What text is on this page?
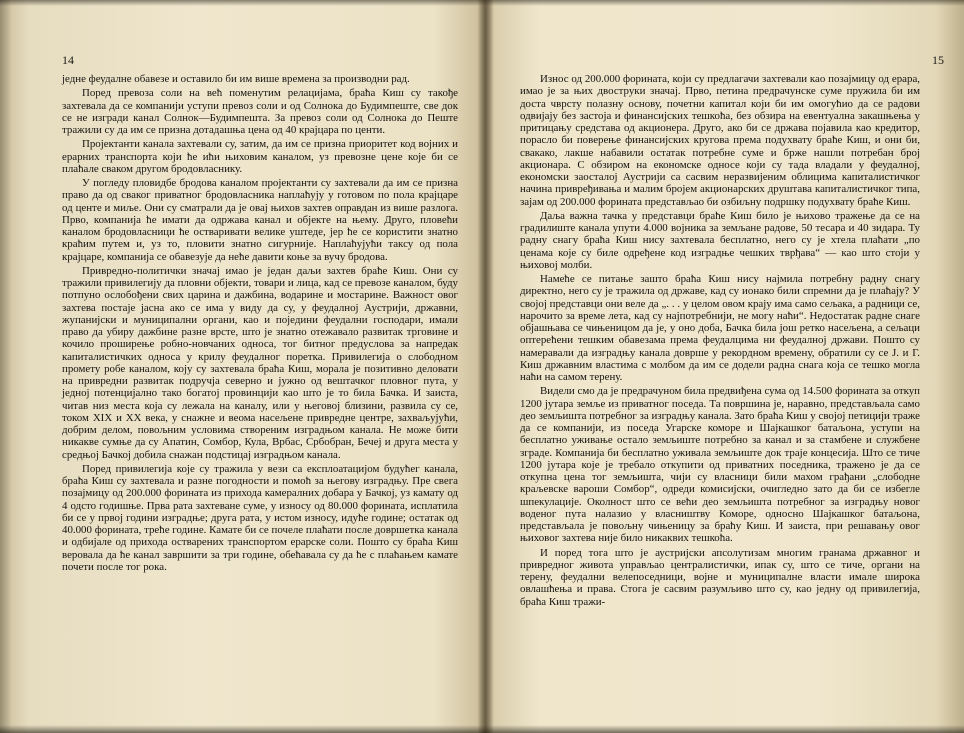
14

једне феудалне обавезе и оставило би им више времена за производни рад.

Поред превоза соли на већ поменутим релацијама, браћа Киш су такође захтевала да се компанији уступи превоз соли и од Солнока до Будимпеште, све док се не изгради канал Солнок—Будимпешта. За превоз соли од Солнока до Пеште тражили су да им се призна дотадашња цена од 40 крајцара по центи.

Пројектанти канала захтевали су, затим, да им се призна приоритет код војних и ерарних транспорта који ће ићи њиховим каналом, уз превозне цене које би се плаћале сваком другом бродовласнику.

У погледу пловидбе бродова каналом пројектанти су захтевали да им се призна право да од сваког приватног бродовласника наплаћују у готовом по пола крајцаре од центе и миље. Они су сматрали да је овај њихов захтев оправдан из више разлога. Прво, компанија ће имати да одржава канал и објекте на њему. Друго, пловећи каналом бродовласници ће остваривати велике уштеде, јер ће се користити знатно краћим путем и, уз то, пловити знатно сигурније. Наплаћујући таксу од пола крајцаре, компанија се обавезује да неће давити коње за вучу бродова.

Привредно-политички значај имао је један даљи захтев браће Киш. Они су тражили привилегију да пловни објекти, товари и лица, кад се превозе каналом, буду потпуно ослобођени свих царина и дажбина, водарине и мостарине. Важност овог захтева постаје јасна ако се има у виду да су, у феудалној Аустрији, државни, жупанијски и муниципални органи, као и поједини феудални господари, имали право да убиру дажбине разне врсте, што је знатно отежавало развитак трговине и кочило проширење робно-новчаних односа, тог битног предуслова за напредак капиталистичких односа у крилу феудалног поретка. Привилегија о слободном промету робе каналом, коју су захтевала браћа Киш, морала је позитивно деловати на привредни развитак подручја северно и јужно од вештачког пловног пута, у једној потенцијално тако богатој провинцији као што је то била Бачка. И заиста, читав низ места која су лежала на каналу, или у његовој близини, развила су се, током XIX и XX века, у снажне и веома насељене привредне центре, захваљујући, добрим делом, повољним условима створеним изградњом канала. Не може бити никакве сумње да су Апатин, Сомбор, Кула, Врбас, Србобран, Бечеј и друга места у средњој Бачкој добила снажан подстицај изградњом канала.

Поред привилегија које су тражила у вези са експлоатацијом будућег канала, браћа Киш су захтевала и разне погодности и помоћ за његову изградњу. Пре свега позајмицу од 200.000 форината из прихода камералних добара у Бачкој, уз камату од 4 одсто годишње. Прва рата захтеване суме, у износу од 80.000 форината, исплатила би се у првој години изградње; друга рата, у истом износу, идуће године; остатак од 40.000 форината, треће године. Камате би се почеле плаћати после довршетка канала и одбијале од прихода остварених транспортом ерарске соли. Пошто су браћа Киш веровала да ће канал завршити за три године, обећавала су да ће с плаћањем камате почети после тог рока.

15

Износ од 200.000 форината, који су предлагачи захтевали као позајмицу од ерара, имао је за њих двоструки значај. Прво, петина предрачунске суме пружила би им доста чврсту полазну основу, почетни капитал који би им омогућио да се радови одвијају без застоја и финансијских тешкоћа, без обзира на евентуална закашњења у притицању средстава од акционера. Друго, ако би се држава појавила као кредитор, порасло би поверење финансијских кругова према подухвату браће Киш, и они би, свакако, лакше набавили остатак потребне суме и брже нашли потребан број акционара. С обзиром на економске односе који су тада владали у феудалној, економски заосталој Аустрији са сасвим неразвијеним облицима капиталистичког начина привређивања и малим бројем акционарских друштава капиталистичког типа, зајам од 200.000 форината представљао би озбиљну подршку подухвату браће Киш.

Даља важна тачка у представци браће Киш било је њихово тражење да се на градилиште канала упути 4.000 војника за земљане радове, 50 тесара и 40 зидара. Ту радну снагу браћа Киш нису захтевала бесплатно, него су је хтела плаћати „по ценама које су биле одређене код изградње чешких тврђава“ — као што стоји у њиховој молби.

Намеће се питање зашто браћа Киш нису најмила потребну радну снагу директно, него су је тражила од државе, кад су ионако били спремни да је плаћају? У својој представци они веле да „. . . у целом овом крају има само сељака, а радници се, нарочито за време лета, кад су најпотребнији, не могу наћи“. Недостатак радне снаге објашњава се чињеницом да је, у оно доба, Бачка била још ретко насељена, а сељаци оптерећени тешким обавезама према феудалцима ни феудалној држави. Пошто су намеравали да изградњу канала доврше у рекордном времену, обратили су се Ј. и Г. Киш државним властима с молбом да им се додели радна снага која се тешко могла наћи на самом терену.

Видели смо да је предрачуном била предвиђена сума од 14.500 форината за откуп 1200 јутара земље из приватног поседа. Та површина је, наравно, представљала само део земљишта потребног за изградњу канала. Зато браћа Киш у својој петицији траже да се компанији, из поседа Угарске коморе и Шајкашког батаљона, уступи на бесплатно уживање остало земљиште потребно за канал и за стамбене и службене зграде. Компанија би бесплатно уживала земљиште док траје концесија. Што се тиче 1200 јутара које је требало откупити од приватних поседника, тражено је да се откупна цена тог земљишта, чији су власници били махом грађани „слободне краљевске вароши Сомбор“, одреди комисијски, очигледно зато да би се избегле шпекулације. Околност што се већи део земљишта потребног за изградњу новог воденог пута налазио у власништву Коморе, односно Шајкашког батаљона, представљала је повољну чињеницу за браћу Киш. И заиста, при решавању овог њиховог захтева није било никаквих тешкоћа.

И поред тога што је аустријски апсолутизам многим гранама државног и привредног живота управљао централистички, ипак су, што се тиче, органи на терену, феудални велепоседници, војне и муниципалне власти имале широка овлашћења и права. Стога је сасвим разумљиво што су, као једну од привилегија, браћа Киш тражи-
